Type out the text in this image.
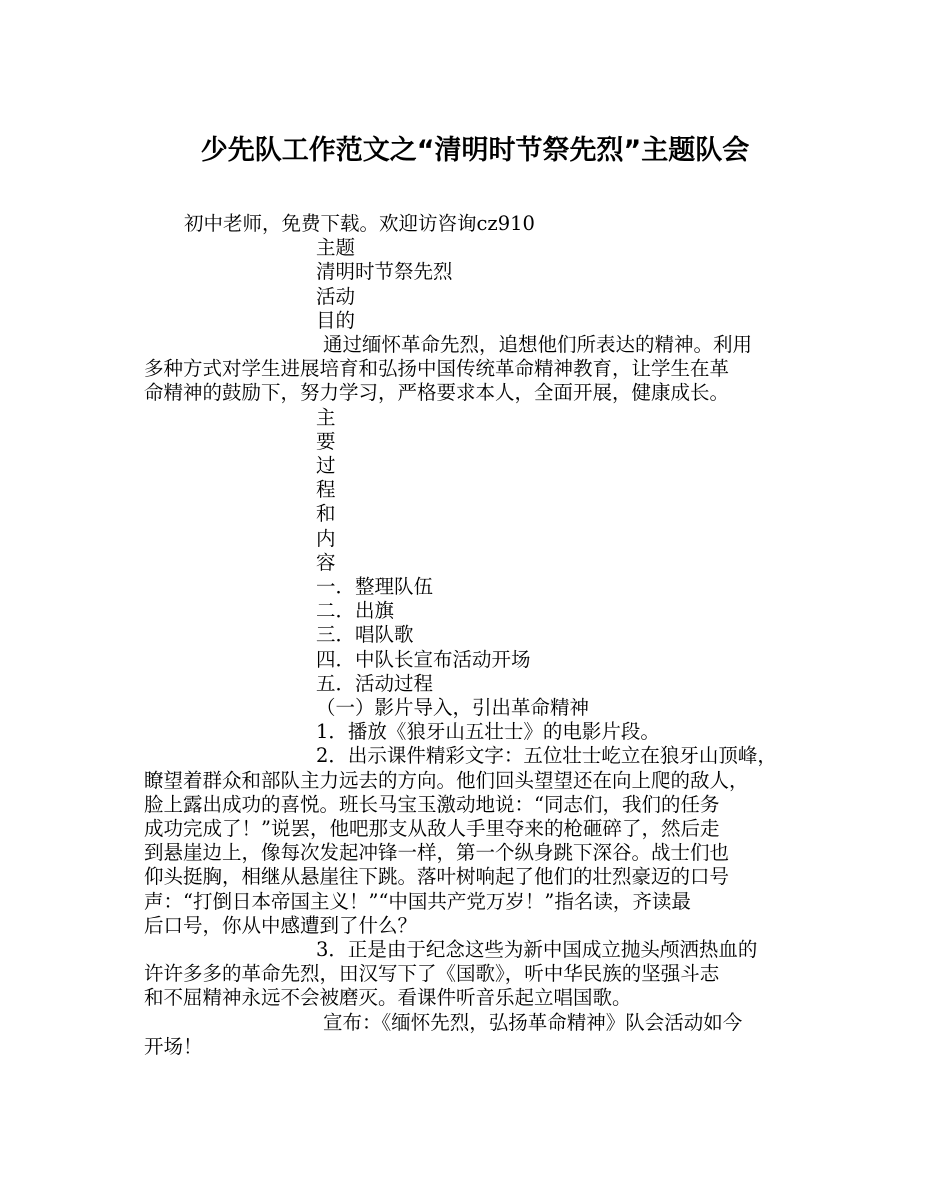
少先队工作范文之“清明时节祭先烈”主题队会
初中老师，免费下载。欢迎访咨询cz910
主题
清明时节祭先烈
活动
目的
通过缅怀革命先烈，追想他们所表达的精神。利用
多种方式对学生进展培育和弘扬中国传统革命精神教育，让学生在革
命精神的鼓励下，努力学习，严格要求本人，全面开展，健康成长。
主
要
过
程
和
内
容
一．整理队伍
二．出旗
三．唱队歌
四．中队长宣布活动开场
五．活动过程
（一）影片导入，引出革命精神
1．播放《狼牙山五壮士》的电影片段。
2．出示课件精彩文字：五位壮士屹立在狼牙山顶峰，
瞭望着群众和部队主力远去的方向。他们回头望望还在向上爬的敌人，
脸上露出成功的喜悦。班长马宝玉激动地说：“同志们，我们的任务
成功完成了！”说罢，他吧那支从敌人手里夺来的枪砸碎了，然后走
到悬崖边上，像每次发起冲锋一样，第一个纵身跳下深谷。战士们也
仰头挺胸，相继从悬崖往下跳。落叶树响起了他们的壮烈豪迈的口号
声：“打倒日本帝国主义！”“中国共产党万岁！”指名读，齐读最
后口号，你从中感遭到了什么？
3．正是由于纪念这些为新中国成立抛头颅洒热血的
许许多多的革命先烈，田汉写下了《国歌》，听中华民族的坚强斗志
和不屈精神永远不会被磨灭。看课件听音乐起立唱国歌。
宣布：《缅怀先烈，弘扬革命精神》队会活动如今
开场！
